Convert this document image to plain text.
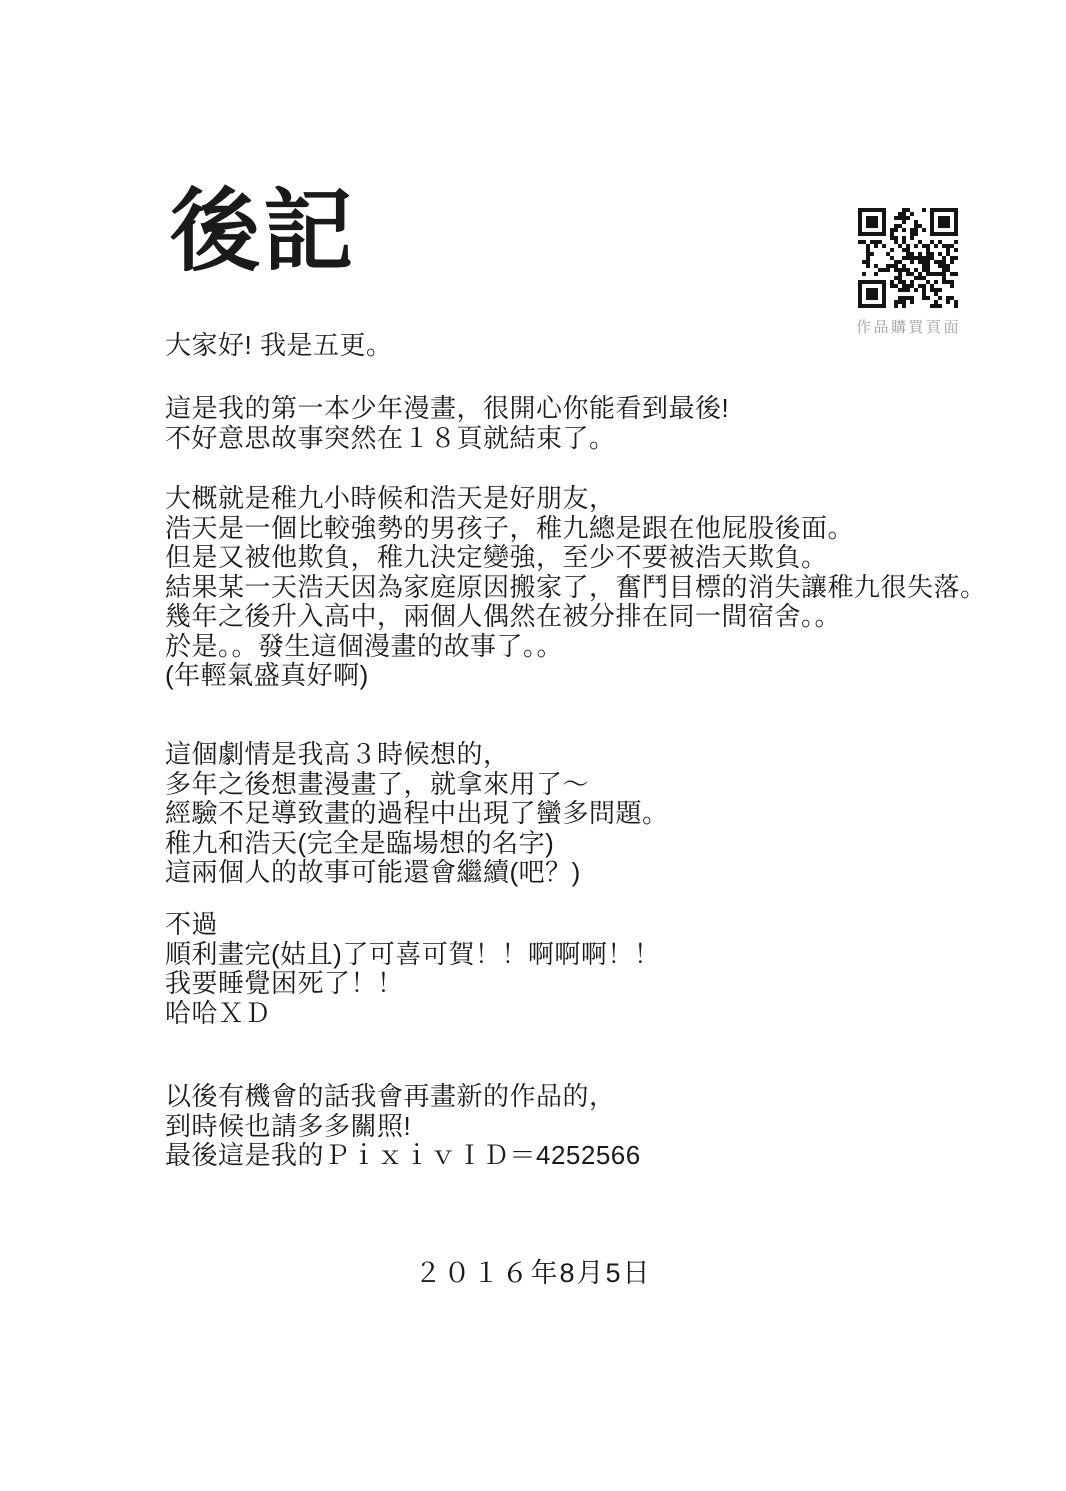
後記
作品購買頁面
大家好! 我是五更。
這是我的第一本少年漫畫，很開心你能看到最後!
不好意思故事突然在１８頁就結束了。
大概就是稚九小時候和浩天是好朋友，
浩天是一個比較強勢的男孩子，稚九總是跟在他屁股後面。
但是又被他欺負，稚九決定變強，至少不要被浩天欺負。
結果某一天浩天因為家庭原因搬家了，奮鬥目標的消失讓稚九很失落。
幾年之後升入高中，兩個人偶然在被分排在同一間宿舍。。
於是。。發生這個漫畫的故事了。。
(年輕氣盛真好啊)
這個劇情是我高３時候想的，
多年之後想畫漫畫了，就拿來用了～
經驗不足導致畫的過程中出現了蠻多問題。
稚九和浩天(完全是臨場想的名字)
這兩個人的故事可能還會繼續(吧？)
不過
順利畫完(姑且)了可喜可賀！！啊啊啊！！
我要睡覺困死了！！
哈哈ＸＤ
以後有機會的話我會再畫新的作品的，
到時候也請多多關照!
最後這是我的ＰｉｘｉｖＩＤ＝4252566
２０１６年8月5日
